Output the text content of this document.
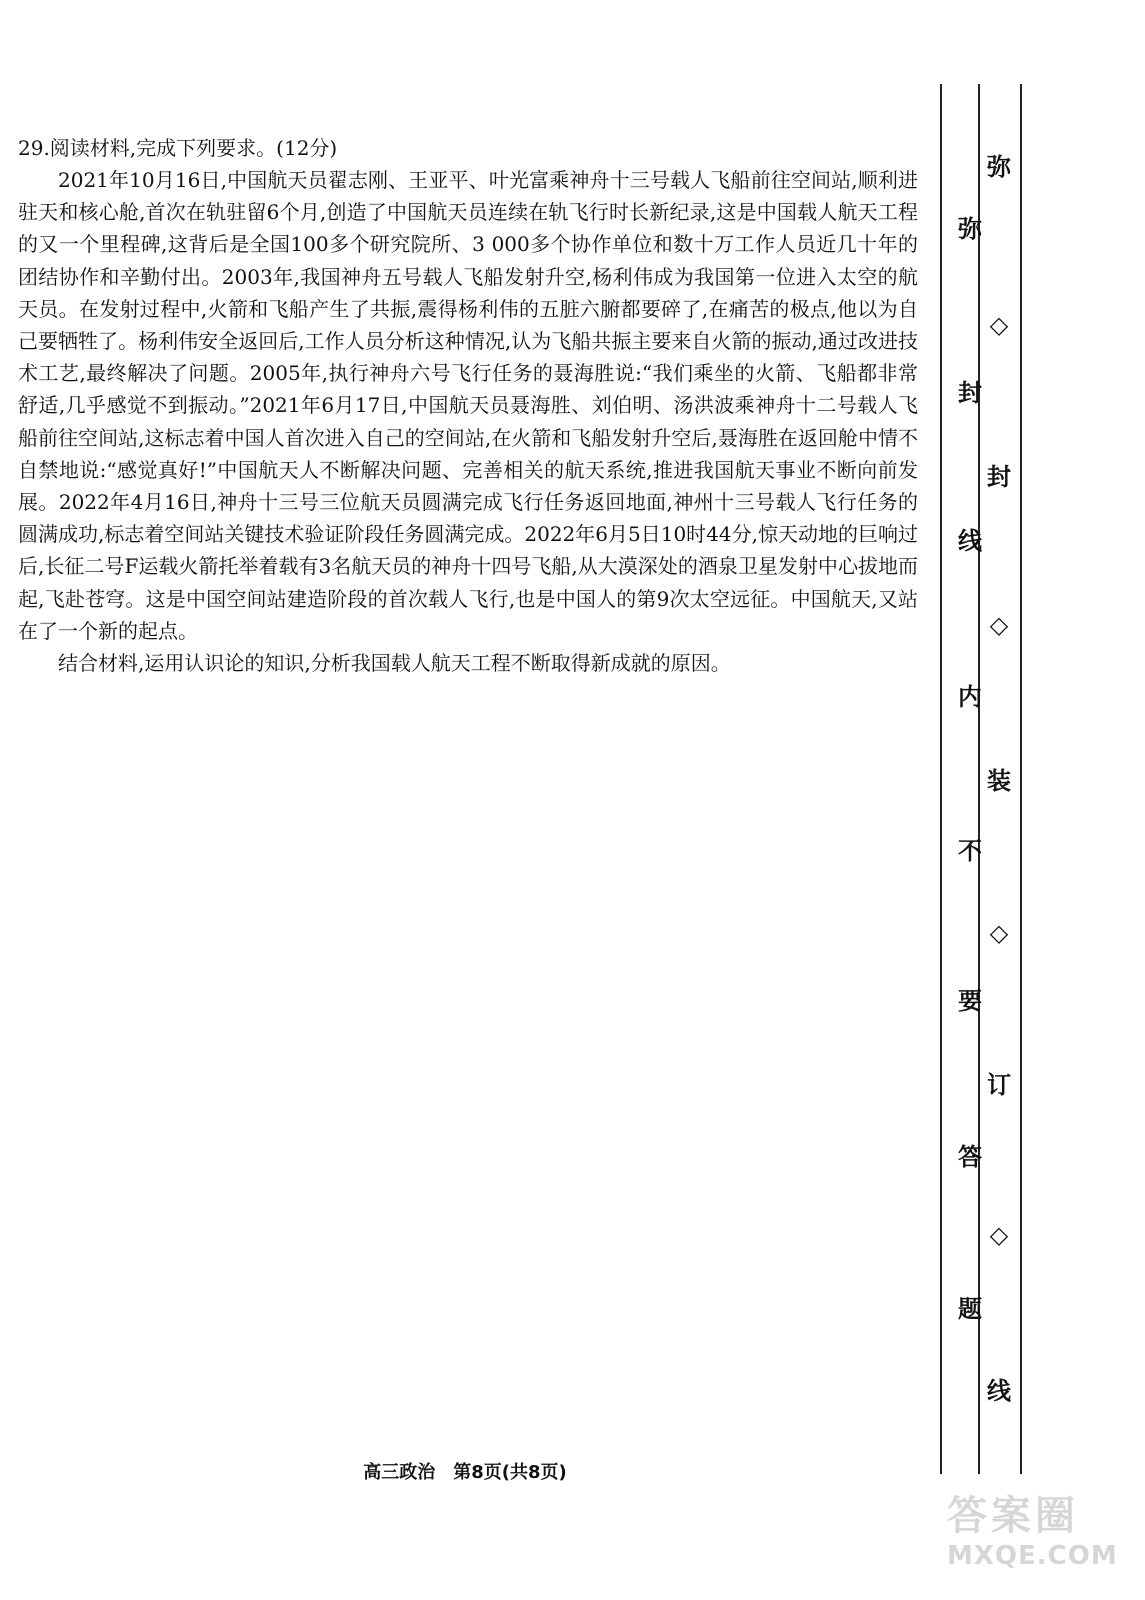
29.阅读材料,完成下列要求。(12分)

2021年10月16日,中国航天员翟志刚、王亚平、叶光富乘神舟十三号载人飞船前往空间站,顺利进驻天和核心舱,首次在轨驻留6个月,创造了中国航天员连续在轨飞行时长新纪录,这是中国载人航天工程的又一个里程碑,这背后是全国100多个研究院所、3 000多个协作单位和数十万工作人员近几十年的团结协作和辛勤付出。2003年,我国神舟五号载人飞船发射升空,杨利伟成为我国第一位进入太空的航天员。在发射过程中,火箭和飞船产生了共振,震得杨利伟的五脏六腑都要碎了,在痛苦的极点,他以为自己要牺牲了。杨利伟安全返回后,工作人员分析这种情况,认为飞船共振主要来自火箭的振动,通过改进技术工艺,最终解决了问题。2005年,执行神舟六号飞行任务的聂海胜说:“我们乘坐的火箭、飞船都非常舒适,几乎感觉不到振动。”2021年6月17日,中国航天员聂海胜、刘伯明、汤洪波乘神舟十二号载人飞船前往空间站,这标志着中国人首次进入自己的空间站,在火箭和飞船发射升空后,聂海胜在返回舱中情不自禁地说:“感觉真好!”中国航天人不断解决问题、完善相关的航天系统,推进我国航天事业不断向前发展。2022年4月16日,神舟十三号三位航天员圆满完成飞行任务返回地面,神州十三号载人飞行任务的圆满成功,标志着空间站关键技术验证阶段任务圆满完成。2022年6月5日10时44分,惊天动地的巨响过后,长征二号F运载火箭托举着载有3名航天员的神舟十四号飞船,从大漠深处的酒泉卫星发射中心拔地而起,飞赴苍穹。这是中国空间站建造阶段的首次载人飞行,也是中国人的第9次太空远征。中国航天,又站在了一个新的起点。

结合材料,运用认识论的知识,分析我国载人航天工程不断取得新成就的原因。

高三政治　第8页(共8页)
弥
封
线
内
不
要
答
题
弥
◇
封
◇
装
◇
订
◇
线
答案圈
MXQE.COM
